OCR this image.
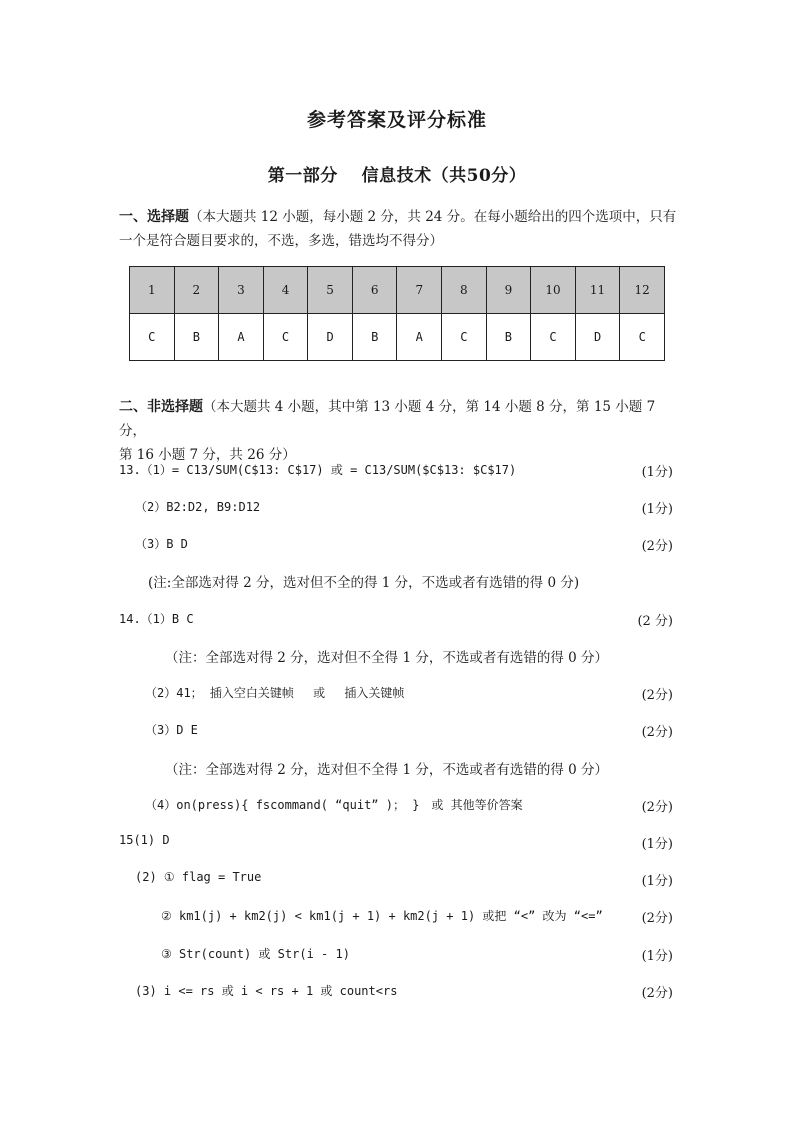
参考答案及评分标准
第一部分　 信息技术（共50分）
一、选择题（本大题共 12 小题，每小题 2 分，共 24 分。在每小题给出的四个选项中，只有
一个是符合题目要求的，不选，多选，错选均不得分）
1	2	3	4	5	6	7	8	9	10	11	12
C	B	A	C	D	B	A	C	B	C	D	C
二、非选择题（本大题共 4 小题，其中第 13 小题 4 分，第 14 小题 8 分，第 15 小题 7 分，
第 16 小题 7 分，共 26 分）
13.（1）= C13/SUM(C$13: C$17) 或 = C13/SUM($C$13: $C$17)	(1分)
（2）B2:D2, B9:D12	(1分)
（3）B D	(2分)
(注:全部选对得 2 分，选对但不全的得 1 分，不选或者有选错的得 0 分)
14.（1）B C	(2 分)
（注：全部选对得 2 分，选对但不全得 1 分，不选或者有选错的得 0 分）
（2）41； 插入空白关键帧　 或　 插入关键帧	(2分)
（3）D E	(2分)
（注：全部选对得 2 分，选对但不全得 1 分，不选或者有选错的得 0 分）
（4）on(press){ fscommand( “quit” )； }　或 其他等价答案	(2分)
15(1) D	(1分)
(2) ① flag = True	(1分)
② km1(j) + km2(j) < km1(j + 1) + km2(j + 1) 或把 “<” 改为 “<=”	(2分)
③ Str(count) 或 Str(i - 1)	(1分)
(3) i <= rs 或 i < rs + 1 或 count<rs	(2分)
